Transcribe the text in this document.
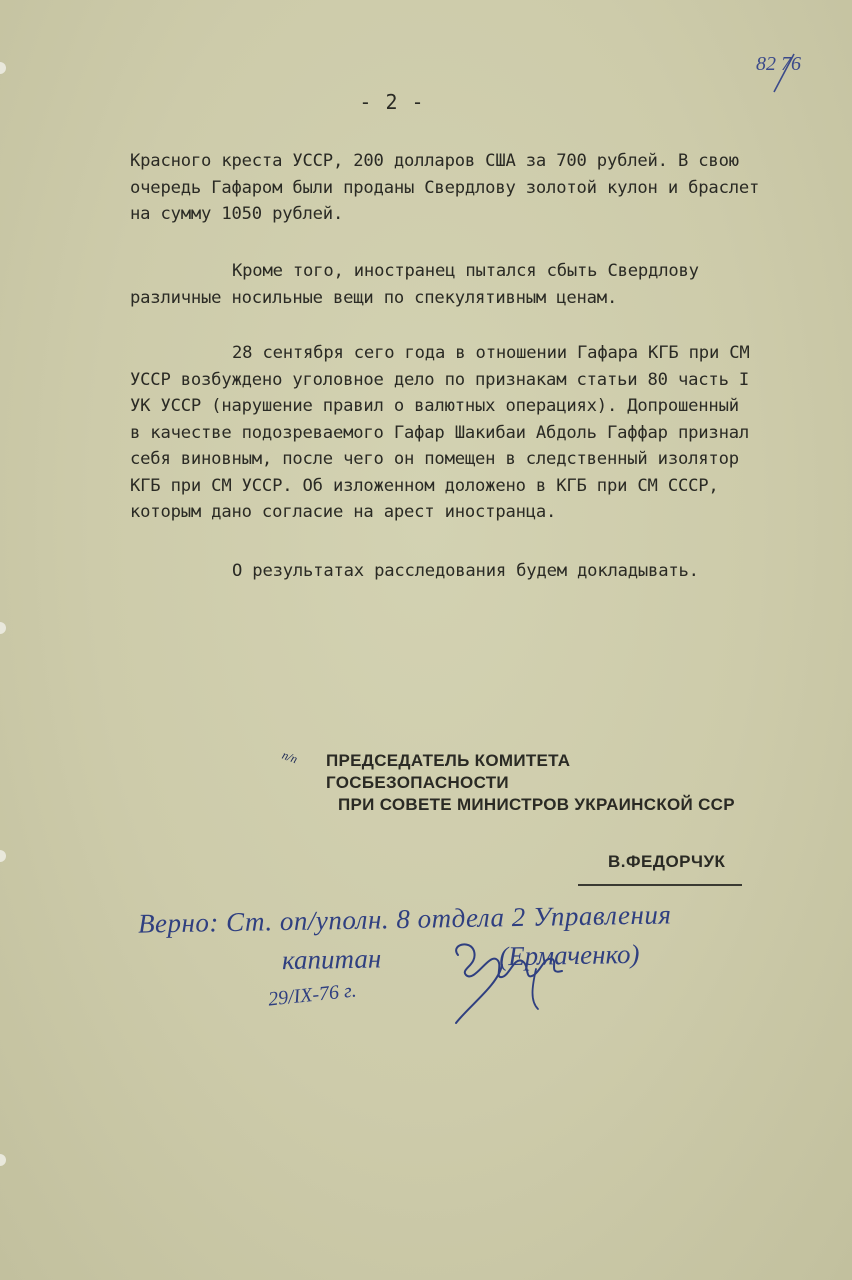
82 76
- 2 -

Красного креста УССР, 200 долларов США за 700 рублей. В свою
очередь Гафаром были проданы Свердлову золотой кулон и браслет
на сумму 1050 рублей.

Кроме того, иностранец пытался сбыть Свердлову
различные носильные вещи по спекулятивным ценам.

28 сентября сего года в отношении Гафара КГБ при СМ
УССР возбуждено уголовное дело по признакам статьи 80 часть I
УК УССР (нарушение правил о валютных операциях). Допрошенный
в качестве подозреваемого Гафар Шакибаи Абдоль Гаффар признал
себя виновным, после чего он помещен в следственный изолятор
КГБ при СМ УССР. Об изложенном доложено в КГБ при СМ СССР,
которым дано согласие на арест иностранца.

О результатах расследования будем докладывать.

п/п	ПРЕДСЕДАТЕЛЬ КОМИТЕТА ГОСБЕЗОПАСНОСТИ
ПРИ СОВЕТЕ МИНИСТРОВ УКРАИНСКОЙ ССР
В.ФЕДОРЧУК
Верно: Ст. оп/уполн. 8 отдела 2 Управления
капитан	(Ермаченко)
29/IX-76 г.
